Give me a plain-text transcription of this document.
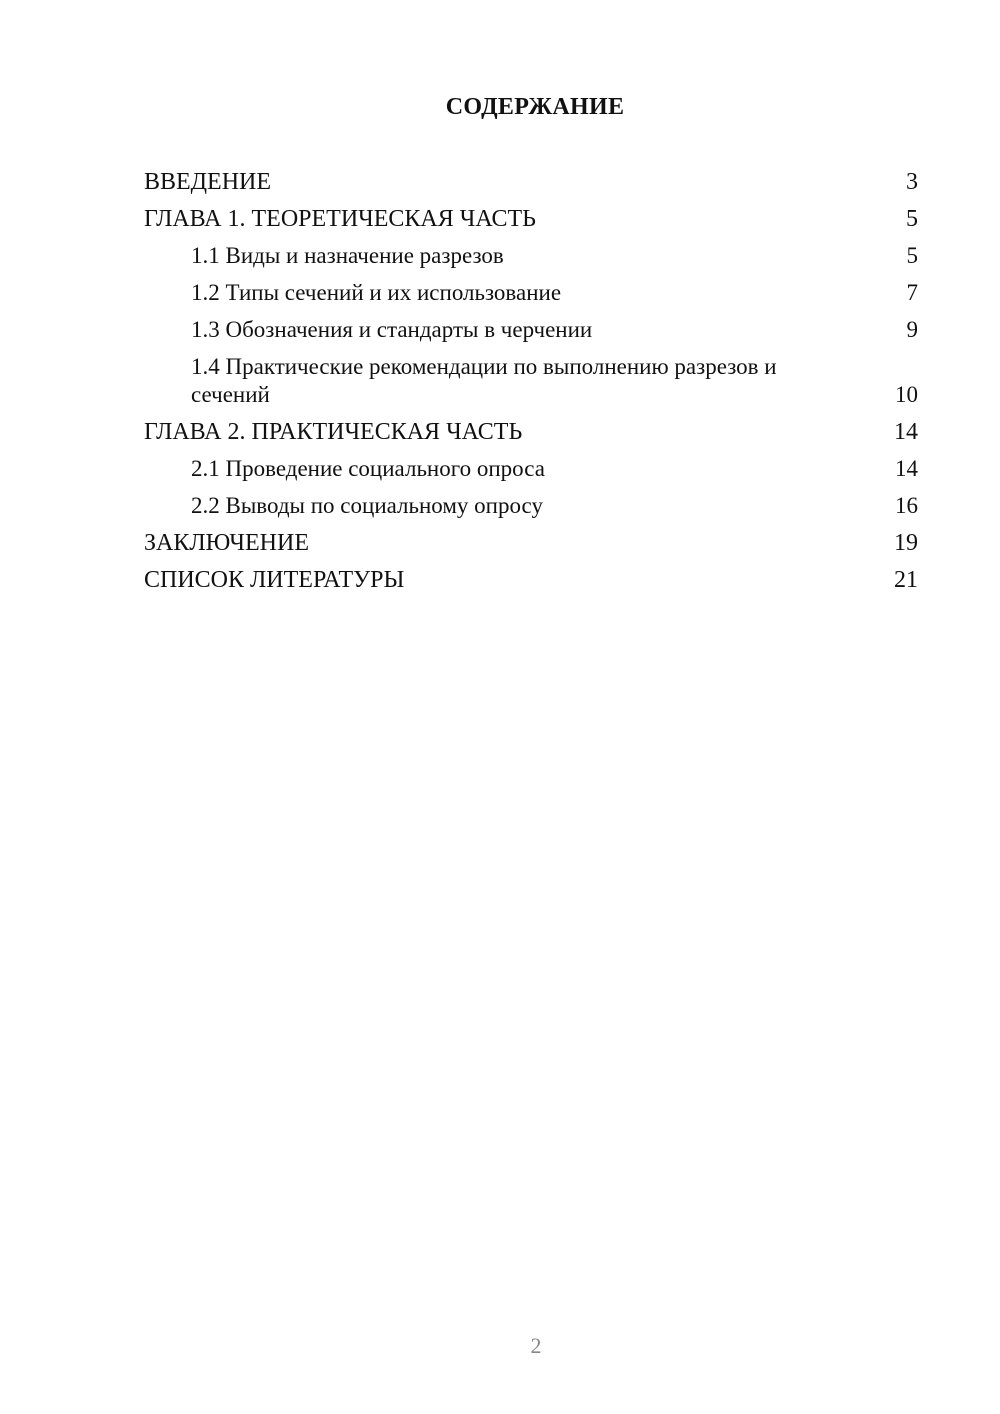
СОДЕРЖАНИЕ
ВВЕДЕНИЕ	3
ГЛАВА 1. ТЕОРЕТИЧЕСКАЯ ЧАСТЬ	5
1.1 Виды и назначение разрезов	5
1.2 Типы сечений и их использование	7
1.3 Обозначения и стандарты в черчении	9
1.4 Практические рекомендации по выполнению разрезов и сечений	10
ГЛАВА 2. ПРАКТИЧЕСКАЯ ЧАСТЬ	14
2.1 Проведение социального опроса	14
2.2 Выводы по социальному опросу	16
ЗАКЛЮЧЕНИЕ	19
СПИСОК ЛИТЕРАТУРЫ	21
2
